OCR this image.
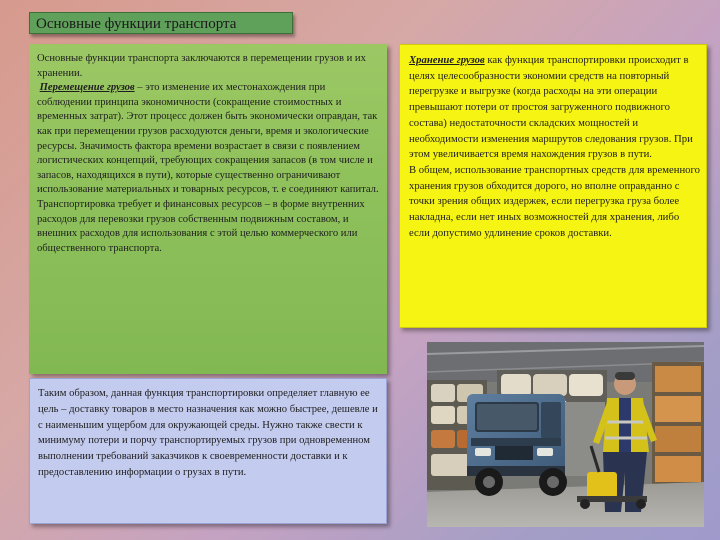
Основные функции транспорта

Основные функции транспорта заключаются в перемещении грузов и их хранении.
Перемещение грузов – это изменение их местонахождения при соблюдении принципа экономичности (сокращение стоимостных и временных затрат). Этот процесс должен быть экономически оправдан, так как при перемещении грузов расходуются деньги, время и экологические ресурсы. Значимость фактора времени возрастает в связи с появлением логистических концепций, требующих сокращения запасов (в том числе и запасов, находящихся в пути), которые существенно ограничивают использование материальных и товарных ресурсов, т. е соединяют капитал. Транспортировка требует и финансовых ресурсов – в форме внутренних расходов для перевозки грузов собственным подвижным составом, и внешних расходов для использования с этой целью коммерческого или общественного транспорта.

Таким образом, данная функция транспортировки определяет главную ее цель – доставку товаров в место назначения как можно быстрее, дешевле и с наименьшим ущербом для окружающей среды. Нужно также свести к минимуму потери и порчу транспортируемых грузов при одновременном выполнении требований заказчиков к своевременности доставки и к предоставлению информации о грузах в пути.

Хранение грузов как функция транспортировки происходит в целях целесообразности экономии средств на повторный перегрузке и выгрузке (когда расходы на эти операции превышают потери от простоя загруженного подвижного состава) недостаточности складских мощностей и необходимости изменения маршрутов следования грузов. При этом увеличивается время нахождения грузов в пути.

В общем, использование транспортных средств для временного хранения грузов обходится дорого, но вполне оправданно с точки зрения общих издержек, если перегрузка груза более накладна, если нет иных возможностей для хранения, либо если допустимо удлинение сроков доставки.
